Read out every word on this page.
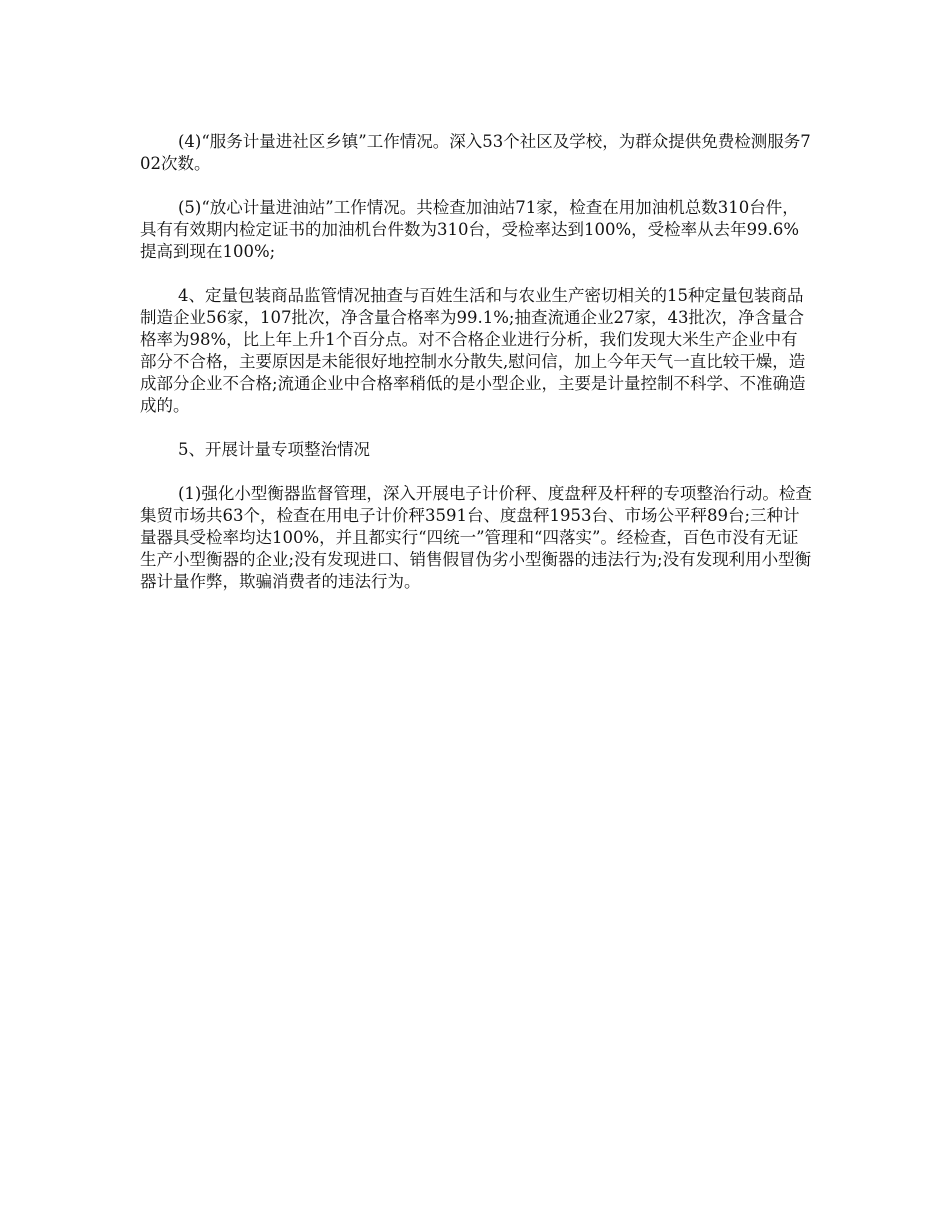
(4)“服务计量进社区乡镇”工作情况。深入53个社区及学校，为群众提供免费检测服务702次数。

(5)“放心计量进油站”工作情况。共检查加油站71家，检查在用加油机总数310台件，具有有效期内检定证书的加油机台件数为310台，受检率达到100%，受检率从去年99.6%提高到现在100%;

4、定量包装商品监管情况抽查与百姓生活和与农业生产密切相关的15种定量包装商品制造企业56家，107批次，净含量合格率为99.1%;抽查流通企业27家，43批次，净含量合格率为98%，比上年上升1个百分点。对不合格企业进行分析，我们发现大米生产企业中有部分不合格，主要原因是未能很好地控制水分散失,慰问信，加上今年天气一直比较干燥，造成部分企业不合格;流通企业中合格率稍低的是小型企业，主要是计量控制不科学、不准确造成的。

5、开展计量专项整治情况

(1)强化小型衡器监督管理，深入开展电子计价秤、度盘秤及杆秤的专项整治行动。检查集贸市场共63个，检查在用电子计价秤3591台、度盘秤1953台、市场公平秤89台;三种计量器具受检率均达100%，并且都实行“四统一”管理和“四落实”。经检查，百色市没有无证生产小型衡器的企业;没有发现进口、销售假冒伪劣小型衡器的违法行为;没有发现利用小型衡器计量作弊，欺骗消费者的违法行为。
